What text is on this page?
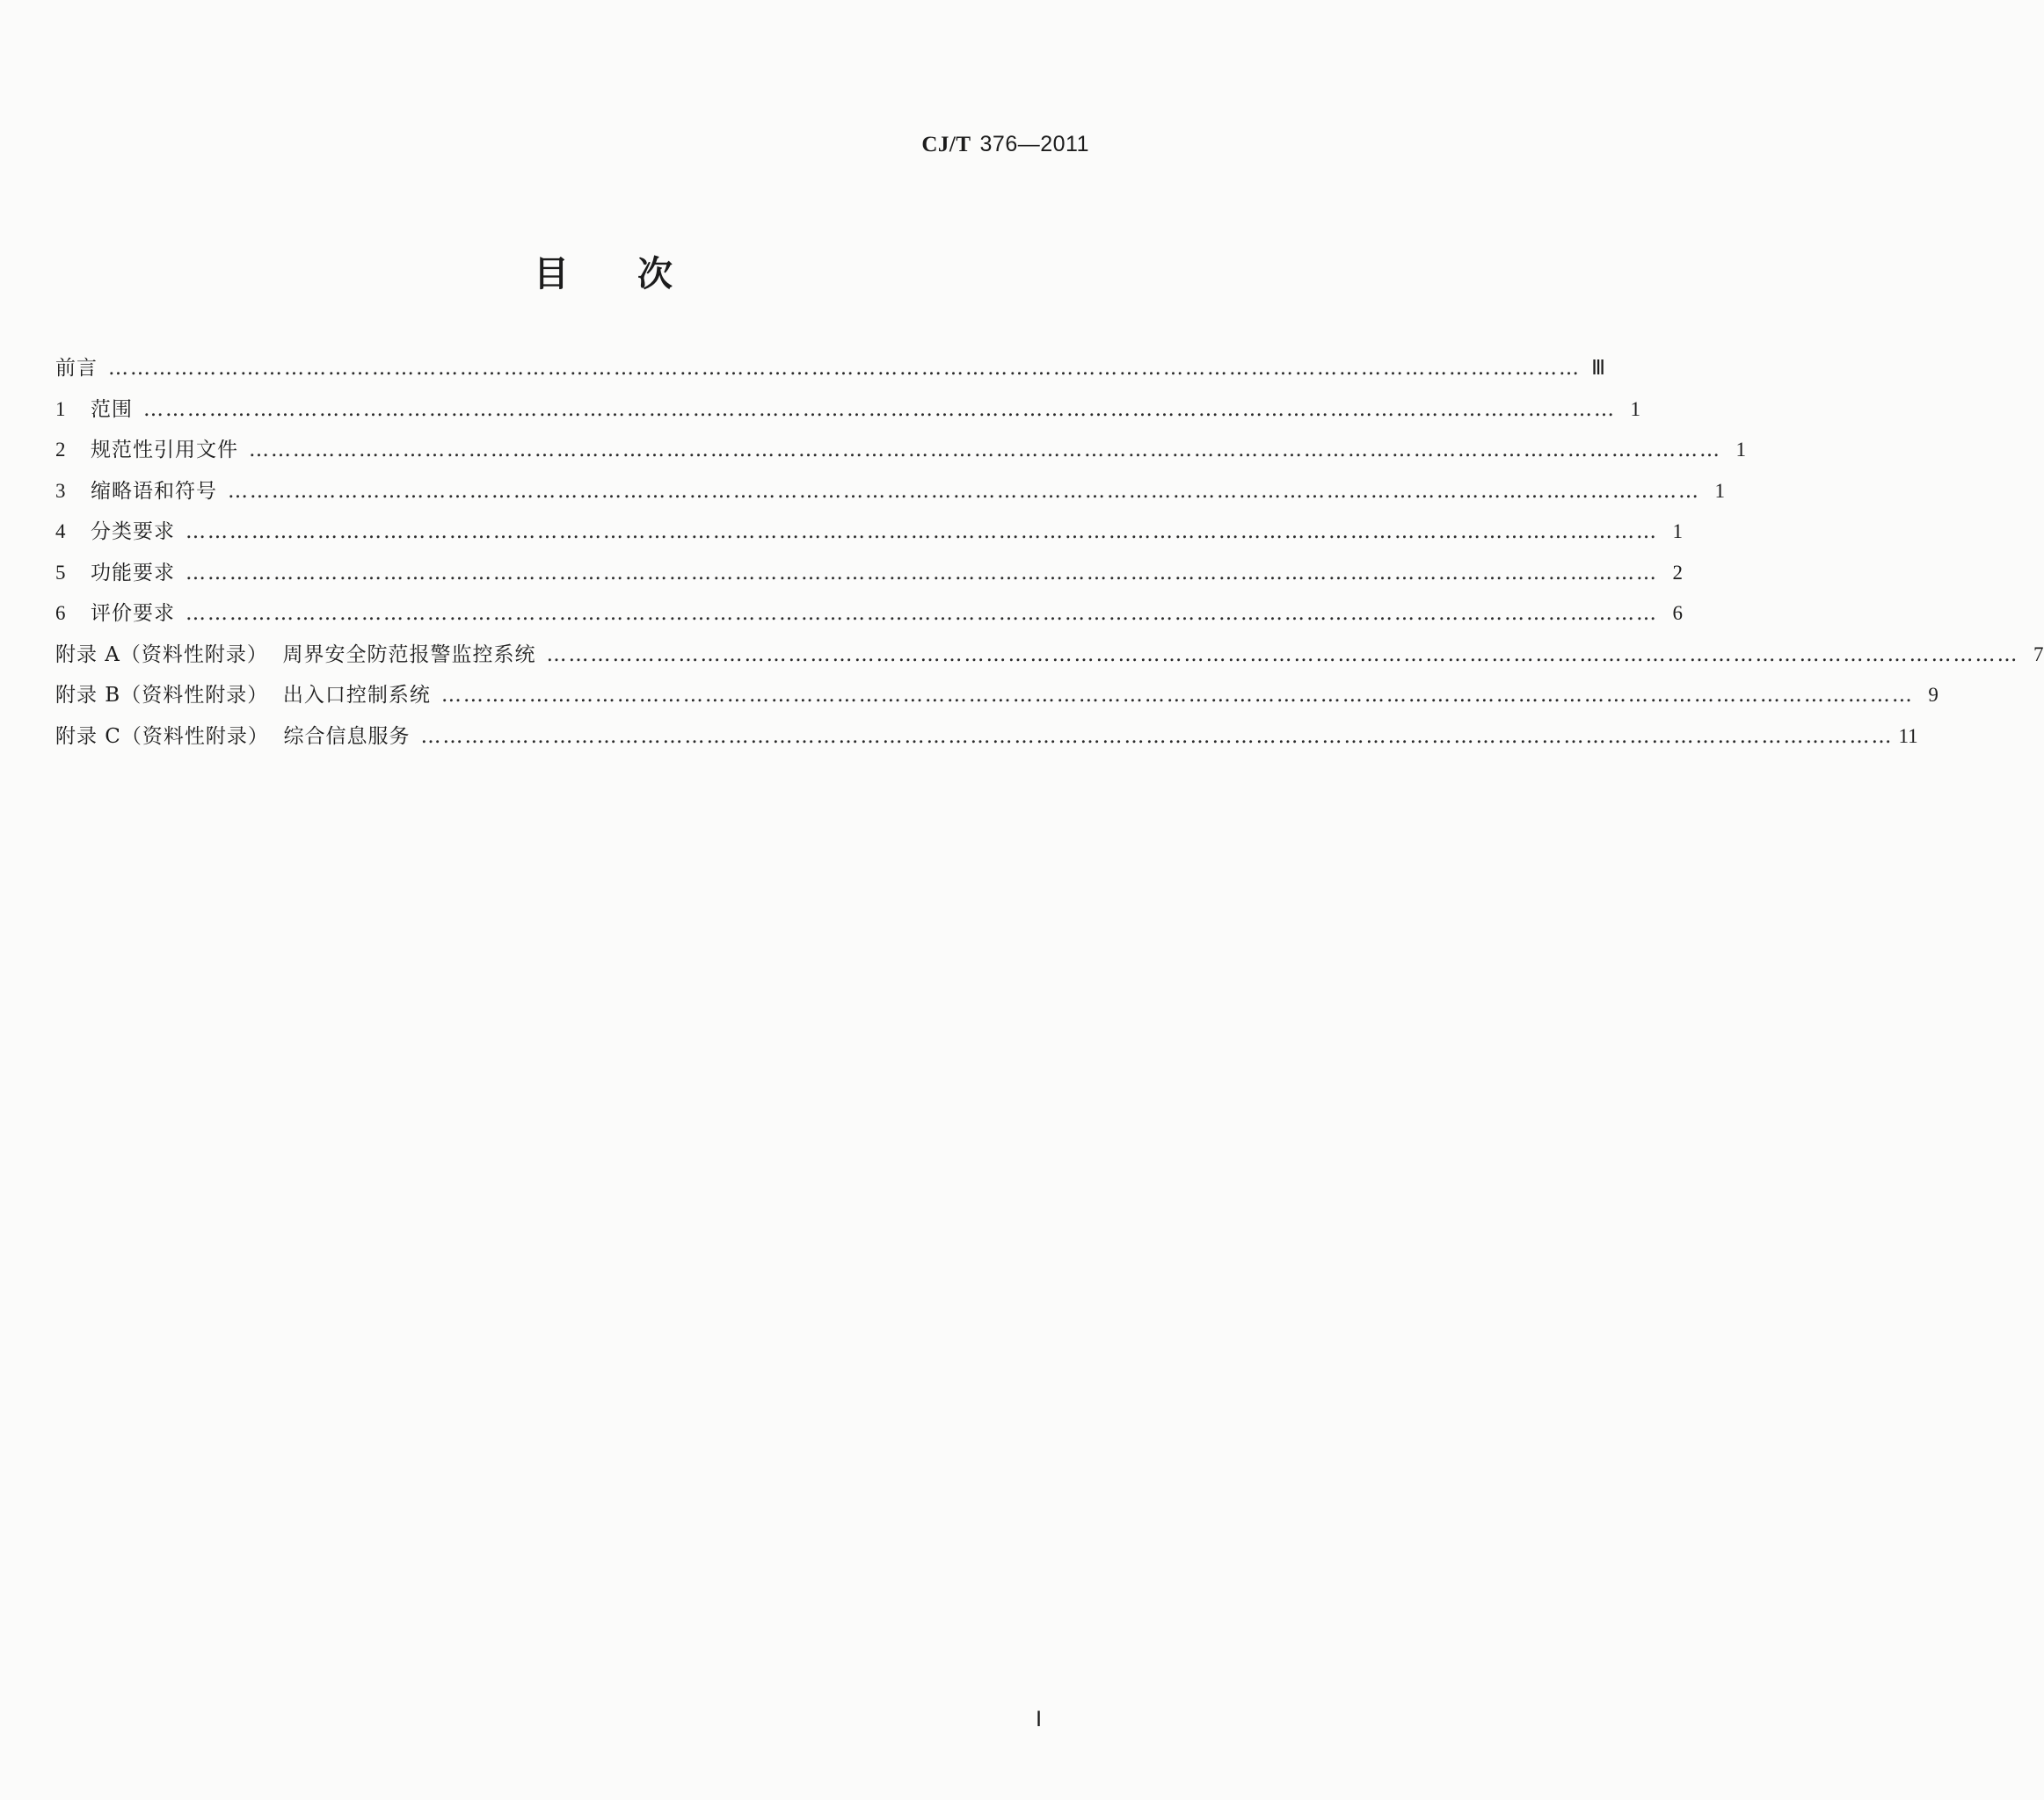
CJ/T 376—2011
目次
前言 ………………………………………………………………………………………………………………………………………………………………………………… Ⅲ
1	范围 ………………………………………………………………………………………………………………………………………………………………………………… 1
2	规范性引用文件 ………………………………………………………………………………………………………………………………………………………………………………… 1
3	缩略语和符号 ………………………………………………………………………………………………………………………………………………………………………………… 1
4	分类要求 ………………………………………………………………………………………………………………………………………………………………………………… 1
5	功能要求 ………………………………………………………………………………………………………………………………………………………………………………… 2
6	评价要求 ………………………………………………………………………………………………………………………………………………………………………………… 6
附录 A（资料性附录）  周界安全防范报警监控系统 ………………………………………………………………………………………………………………………………………………………………………………… 7
附录 B（资料性附录）  出入口控制系统 ………………………………………………………………………………………………………………………………………………………………………………… 9
附录 C（资料性附录）  综合信息服务 ………………………………………………………………………………………………………………………………………………………………………………… 11
Ⅰ
